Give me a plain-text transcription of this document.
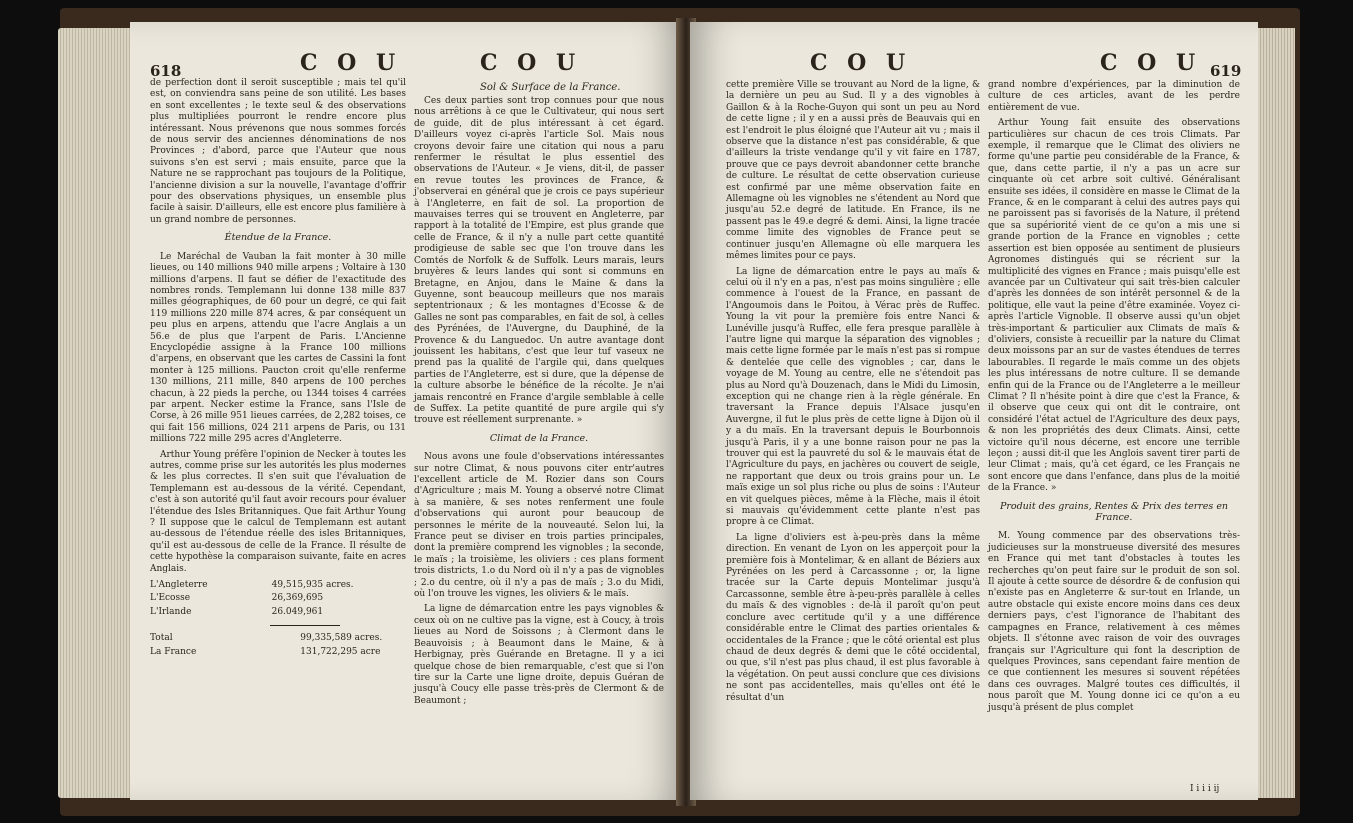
618	C O U	C O U
Sol & Surface de la France.

de perfection dont il seroit susceptible ; mais tel qu'il est, on conviendra sans peine de son utilité. Les bases en sont excellentes ; le texte seul & des observations plus multipliées pourront le rendre encore plus intéressant. Nous prévenons que nous sommes forcés de nous servir des anciennes dénominations de nos Provinces ; d'abord, parce que l'Auteur que nous suivons s'en est servi ; mais ensuite, parce que la Nature ne se rapprochant pas toujours de la Politique, l'ancienne division a sur la nouvelle, l'avantage d'offrir pour des observations physiques, un ensemble plus facile à saisir. D'ailleurs, elle est encore plus familière à un grand nombre de personnes.

Étendue de la France.

Le Maréchal de Vauban la fait monter à 30 mille lieues, ou 140 millions 940 mille arpens ; Voltaire à 130 millions d'arpens. Il faut se défier de l'exactitude des nombres ronds. Templemann lui donne 138 mille 837 milles géographiques, de 60 pour un degré, ce qui fait 119 millions 220 mille 874 acres, & par conséquent un peu plus en arpens, attendu que l'acre Anglais a un 56.e de plus que l'arpent de Paris. L'Ancienne Encyclopédie assigne à la France 100 millions d'arpens, en observant que les cartes de Cassini la font monter à 125 millions. Paucton croit qu'elle renferme 130 millions, 211 mille, 840 arpens de 100 perches chacun, à 22 pieds la perche, ou 1344 toises 4 carrées par arpent. Necker estime la France, sans l'Isle de Corse, à 26 mille 951 lieues carrées, de 2,282 toises, ce qui fait 156 millions, 024 211 arpens de Paris, ou 131 millions 722 mille 295 acres d'Angleterre.

Arthur Young préfère l'opinion de Necker à toutes les autres, comme prise sur les autorités les plus modernes & les plus correctes. Il s'en suit que l'évaluation de Templemann est au-dessous de la vérité. Cependant, c'est à son autorité qu'il faut avoir recours pour évaluer l'étendue des Isles Britanniques. Que fait Arthur Young ? Il suppose que le calcul de Templemann est autant au-dessous de l'étendue réelle des isles Britanniques, qu'il est au-dessous de celle de la France. Il résulte de cette hypothèse la comparaison suivante, faite en acres Anglais.

L'Angleterre	49,515,935 acres.
L'Ecosse	26,369,695
L'Irlande	26.049,961
Total	99,335,589 acres.
La France	131,722,295 acre

Ces deux parties sont trop connues pour que nous nous arrêtions à ce que le Cultivateur, qui nous sert de guide, dit de plus intéressant à cet égard. D'ailleurs voyez ci-après l'article Sol. Mais nous croyons devoir faire une citation qui nous a paru renfermer le résultat le plus essentiel des observations de l'Auteur. « Je viens, dit-il, de passer en revue toutes les provinces de France, & j'observerai en général que je crois ce pays supérieur à l'Angleterre, en fait de sol. La proportion de mauvaises terres qui se trouvent en Angleterre, par rapport à la totalité de l'Empire, est plus grande que celle de France, & il n'y a nulle part cette quantité prodigieuse de sable sec que l'on trouve dans les Comtés de Norfolk & de Suffolk. Leurs marais, leurs bruyères & leurs landes qui sont si communs en Bretagne, en Anjou, dans le Maine & dans la Guyenne, sont beaucoup meilleurs que nos marais septentrionaux ; & les montagnes d'Ecosse & de Galles ne sont pas comparables, en fait de sol, à celles des Pyrénées, de l'Auvergne, du Dauphiné, de la Provence & du Languedoc. Un autre avantage dont jouissent les habitans, c'est que leur tuf vaseux ne prend pas la qualité de l'argile qui, dans quelques parties de l'Angleterre, est si dure, que la dépense de la culture absorbe le bénéfice de la récolte. Je n'ai jamais rencontré en France d'argile semblable à celle de Suffex. La petite quantité de pure argile qui s'y trouve est réellement surprenante. »

Climat de la France.

Nous avons une foule d'observations intéressantes sur notre Climat, & nous pouvons citer entr'autres l'excellent article de M. Rozier dans son Cours d'Agriculture ; mais M. Young a observé notre Climat à sa manière, & ses notes renferment une foule d'observations qui auront pour beaucoup de personnes le mérite de la nouveauté. Selon lui, la France peut se diviser en trois parties principales, dont la première comprend les vignobles ; la seconde, le maïs ; la troisième, les oliviers : ces plans forment trois districts, 1.o du Nord où il n'y a pas de vignobles ; 2.o du centre, où il n'y a pas de maïs ; 3.o du Midi, où l'on trouve les vignes, les oliviers & le maïs.

La ligne de démarcation entre les pays vignobles & ceux où on ne cultive pas la vigne, est à Coucy, à trois lieues au Nord de Soissons ; à Clermont dans le Beauvoisis ; à Beaumont dans le Maine, & à Herbignay, près Guérande en Bretagne. Il y a ici quelque chose de bien remarquable, c'est que si l'on tire sur la Carte une ligne droite, depuis Guéran de jusqu'à Coucy elle passe très-près de Clermont & de Beaumont ;

C O U	C O U 619

cette première Ville se trouvant au Nord de la ligne, & la dernière un peu au Sud. Il y a des vignobles à Gaillon & à la Roche-Guyon qui sont un peu au Nord de cette ligne ; il y en a aussi près de Beauvais qui en est l'endroit le plus éloigné que l'Auteur ait vu ; mais il observe que la distance n'est pas considérable, & que d'ailleurs la triste vendange qu'il y vit faire en 1787, prouve que ce pays devroit abandonner cette branche de culture. Le résultat de cette observation curieuse est confirmé par une même observation faite en Allemagne où les vignobles ne s'étendent au Nord que jusqu'au 52.e degré de latitude. En France, ils ne passent pas le 49.e degré & demi. Ainsi, la ligne tracée comme limite des vignobles de France peut se continuer jusqu'en Allemagne où elle marquera les mêmes limites pour ce pays.

La ligne de démarcation entre le pays au maïs & celui où il n'y en a pas, n'est pas moins singulière ; elle commence à l'ouest de la France, en passant de l'Angoumois dans le Poitou, à Vérac près de Ruffec. Young la vit pour la première fois entre Nanci & Lunéville jusqu'à Ruffec, elle fera presque parallèle à l'autre ligne qui marque la séparation des vignobles ; mais cette ligne formée par le maïs n'est pas si rompue & dentelée que celle des vignobles ; car, dans le voyage de M. Young au centre, elle ne s'étendoit pas plus au Nord qu'à Douzenach, dans le Midi du Limosin, exception qui ne change rien à la règle générale. En traversant la France depuis l'Alsace jusqu'en Auvergne, il fut le plus près de cette ligne à Dijon où il y a du maïs. En la traversant depuis le Bourbonnois jusqu'à Paris, il y a une bonne raison pour ne pas la trouver qui est la pauvreté du sol & le mauvais état de l'Agriculture du pays, en jachères ou couvert de seigle, ne rapportant que deux ou trois grains pour un. Le maïs exige un sol plus riche ou plus de soins : l'Auteur en vit quelques pièces, même à la Flèche, mais il étoit si mauvais qu'évidemment cette plante n'est pas propre à ce Climat.

La ligne d'oliviers est à-peu-près dans la même direction. En venant de Lyon on les apperçoit pour la première fois à Montelimar, & en allant de Béziers aux Pyrénées on les perd à Carcassonne ; or, la ligne tracée sur la Carte depuis Montelimar jusqu'à Carcassonne, semble être à-peu-près parallèle à celles du maïs & des vignobles : de-là il paroît qu'on peut conclure avec certitude qu'il y a une différence considérable entre le Climat des parties orientales & occidentales de la France ; que le côté oriental est plus chaud de deux degrés & demi que le côté occidental, ou que, s'il n'est pas plus chaud, il est plus favorable à la végétation. On peut aussi conclure que ces divisions ne sont pas accidentelles, mais qu'elles ont été le résultat d'un

grand nombre d'expériences, par la diminution de culture de ces articles, avant de les perdre entièrement de vue.

Arthur Young fait ensuite des observations particulières sur chacun de ces trois Climats. Par exemple, il remarque que le Climat des oliviers ne forme qu'une partie peu considérable de la France, & que, dans cette partie, il n'y a pas un acre sur cinquante où cet arbre soit cultivé. Généralisant ensuite ses idées, il considère en masse le Climat de la France, & en le comparant à celui des autres pays qui ne paroissent pas si favorisés de la Nature, il prétend que sa supériorité vient de ce qu'on a mis une si grande portion de la France en vignobles ; cette assertion est bien opposée au sentiment de plusieurs Agronomes distingués qui se récrient sur la multiplicité des vignes en France ; mais puisqu'elle est avancée par un Cultivateur qui sait très-bien calculer d'après les données de son intérêt personnel & de la politique, elle vaut la peine d'être examinée. Voyez ci-après l'article Vignoble. Il observe aussi qu'un objet très-important & particulier aux Climats de maïs & d'oliviers, consiste à recueillir par la nature du Climat deux moissons par an sur de vastes étendues de terres labourables. Il regarde le maïs comme un des objets les plus intéressans de notre culture. Il se demande enfin qui de la France ou de l'Angleterre a le meilleur Climat ? Il n'hésite point à dire que c'est la France, & il observe que ceux qui ont dit le contraire, ont considéré l'état actuel de l'Agriculture des deux pays, & non les propriétés des deux Climats. Ainsi, cette victoire qu'il nous décerne, est encore une terrible leçon ; aussi dit-il que les Anglois savent tirer parti de leur Climat ; mais, qu'à cet égard, ce les Français ne sont encore que dans l'enfance, dans plus de la moitié de la France. »

Produit des grains, Rentes & Prix des terres en France.

M. Young commence par des observations très-judicieuses sur la monstrueuse diversité des mesures en France qui met tant d'obstacles à toutes les recherches qu'on peut faire sur le produit de son sol. Il ajoute à cette source de désordre & de confusion qui n'existe pas en Angleterre & sur-tout en Irlande, un autre obstacle qui existe encore moins dans ces deux derniers pays, c'est l'ignorance de l'habitant des campagnes en France, relativement à ces mêmes objets. Il s'étonne avec raison de voir des ouvrages français sur l'Agriculture qui font la description de quelques Provinces, sans cependant faire mention de ce que contiennent les mesures si souvent répétées dans ces ouvrages. Malgré toutes ces difficultés, il nous paroît que M. Young donne ici ce qu'on a eu jusqu'à présent de plus complet

I i i i ij
